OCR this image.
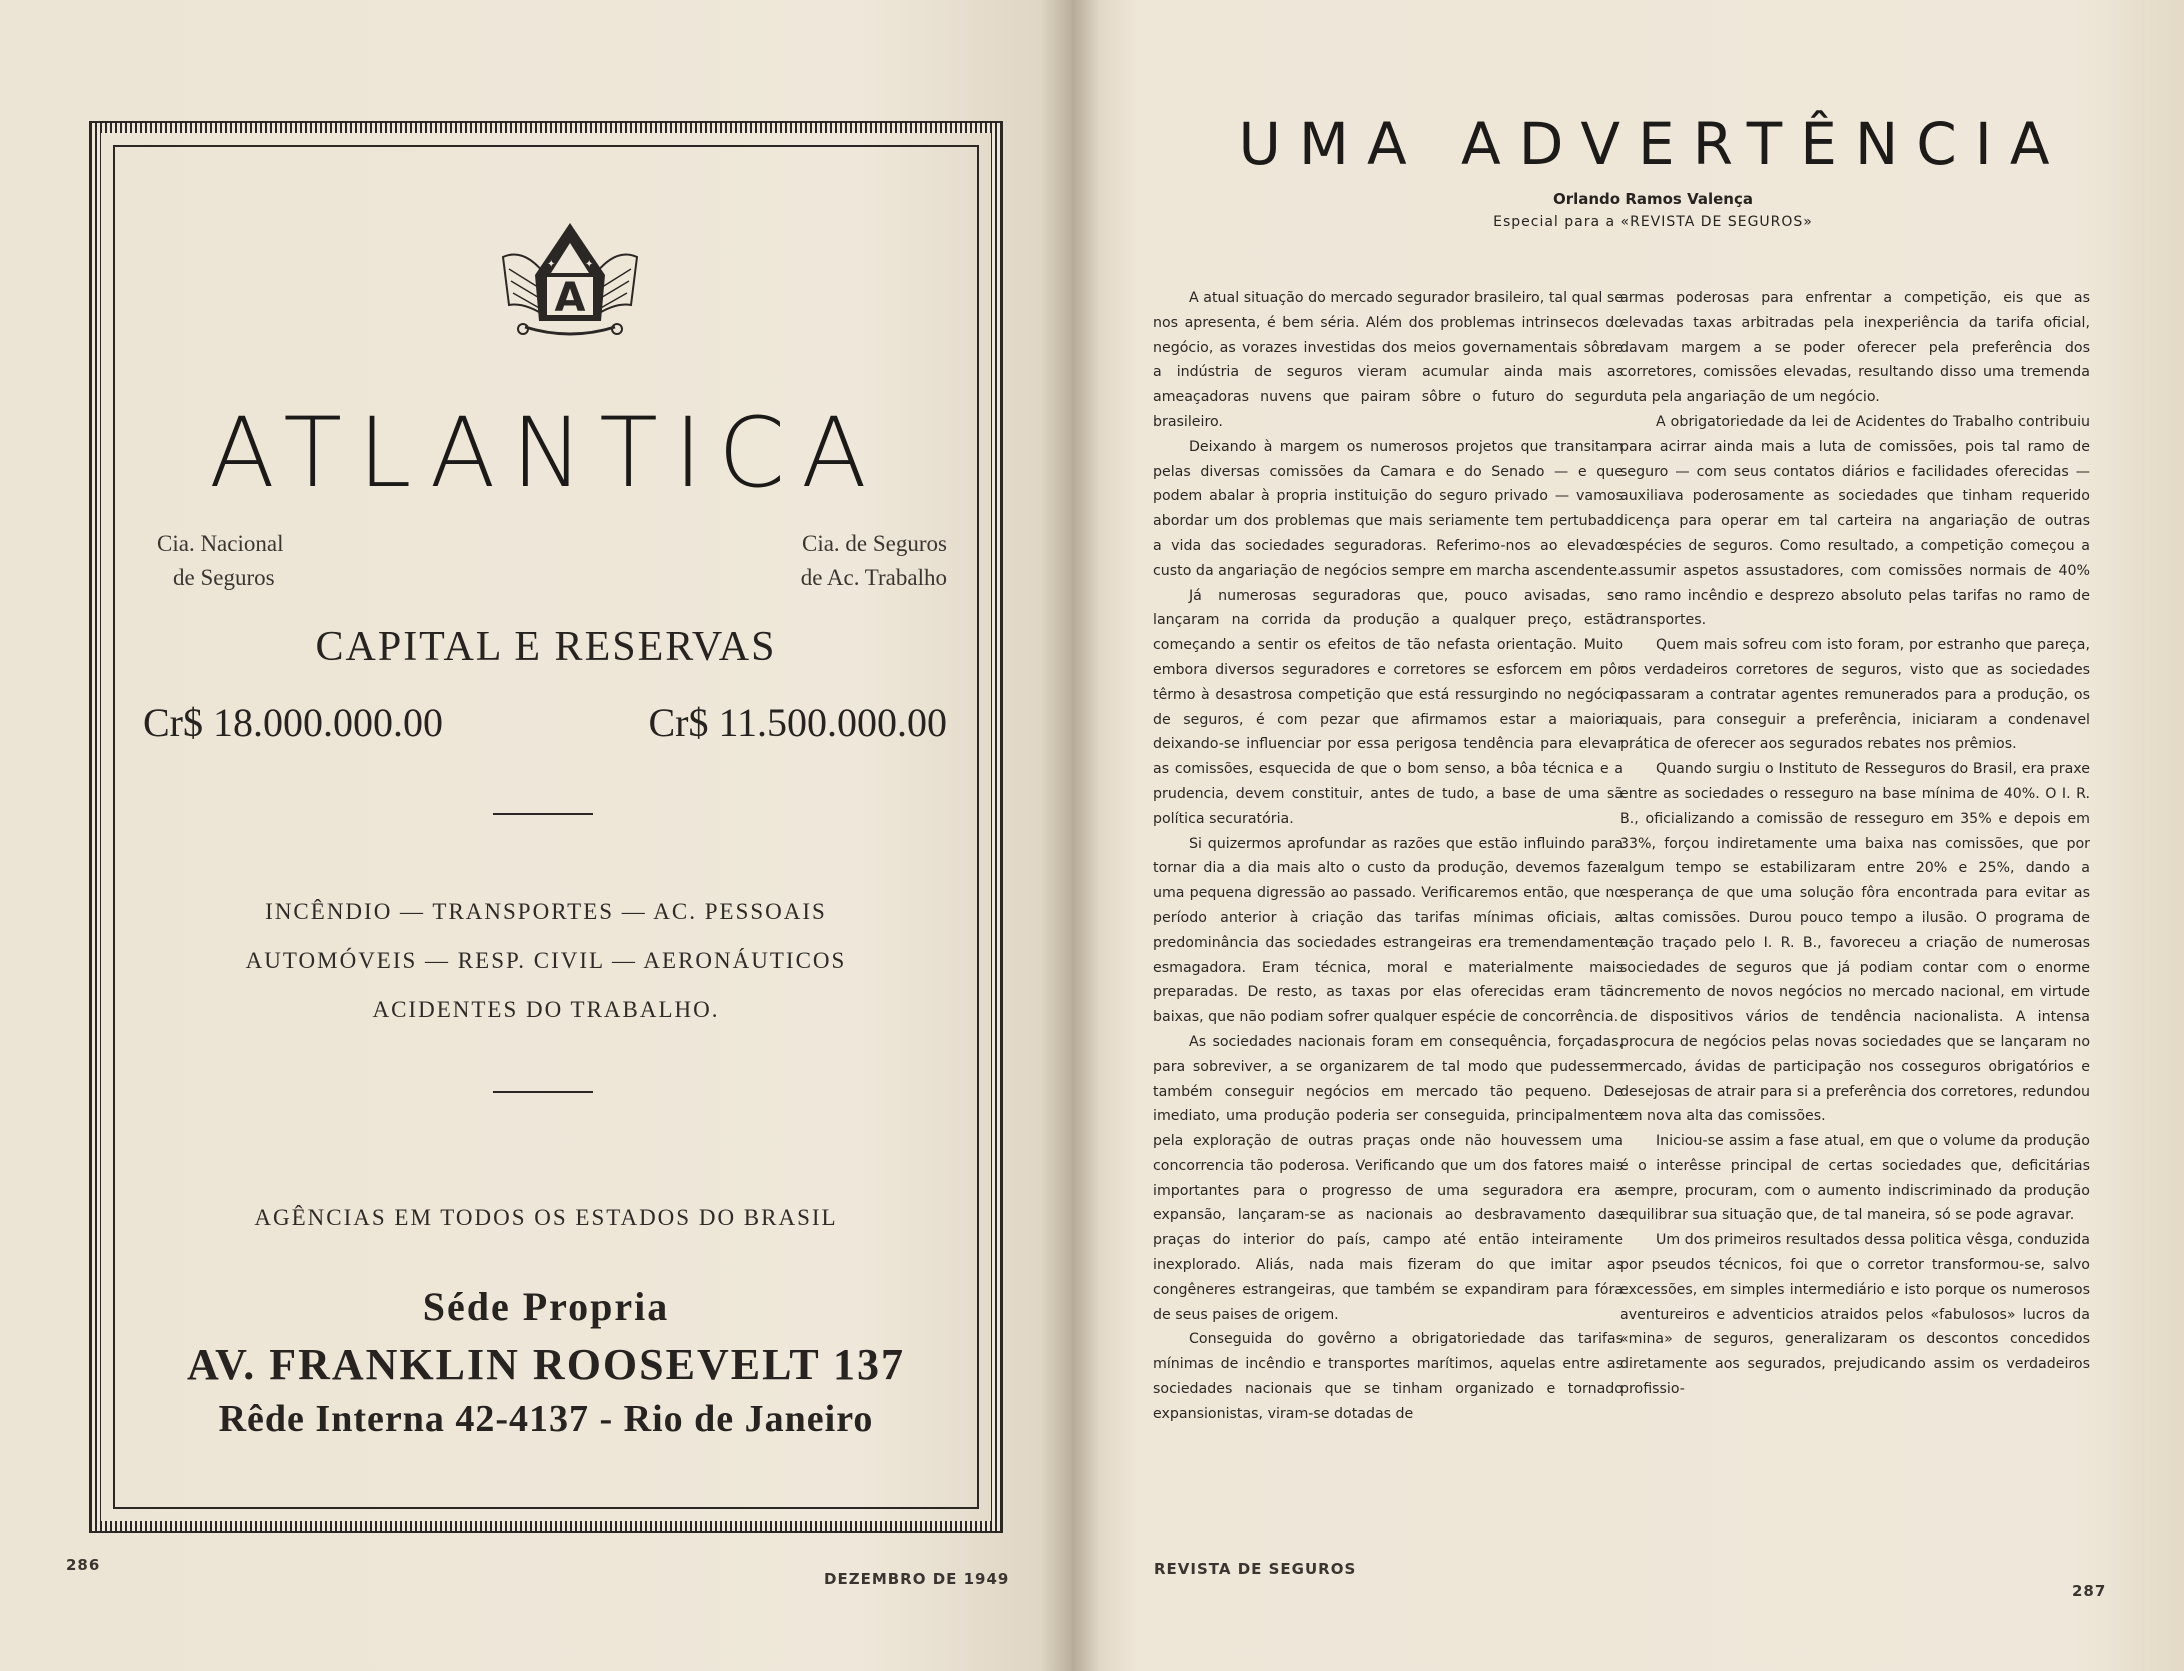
A
✦	✦
ATLANTICA
Cia. Nacional
de Seguros
Cia. de Seguros
de Ac. Trabalho
CAPITAL E RESERVAS
Cr$ 18.000.000.00	Cr$ 11.500.000.00
INCÊNDIO — TRANSPORTES — AC. PESSOAIS
AUTOMÓVEIS — RESP. CIVIL — AERONÁUTICOS
ACIDENTES DO TRABALHO.
AGÊNCIAS EM TODOS OS ESTADOS DO BRASIL
Séde Propria
AV. FRANKLIN ROOSEVELT 137
Rêde Interna 42-4137 - Rio de Janeiro
286
DEZEMBRO DE 1949
UMA ADVERTÊNCIA
Orlando Ramos Valença
Especial para a «REVISTA DE SEGUROS»

A atual situação do mercado segurador brasileiro, tal qual se nos apresenta, é bem séria. Além dos problemas intrinsecos do negócio, as vorazes investidas dos meios governamentais sôbre a indústria de seguros vieram acumular ainda mais as ameaçadoras nuvens que pairam sôbre o futuro do seguro brasileiro.

Deixando à margem os numerosos projetos que transitam pelas diversas comissões da Camara e do Senado — e que podem abalar à propria instituição do seguro privado — vamos abordar um dos problemas que mais seriamente tem pertubado a vida das sociedades seguradoras. Referimo-nos ao elevado custo da angariação de negócios sempre em marcha ascendente.

Já numerosas seguradoras que, pouco avisadas, se lançaram na corrida da produção a qualquer preço, estão começando a sentir os efeitos de tão nefasta orientação. Muito embora diversos seguradores e corretores se esforcem em pôr têrmo à desastrosa competição que está ressurgindo no negócio de seguros, é com pezar que afirmamos estar a maioria deixando-se influenciar por essa perigosa tendência para elevar as comissões, esquecida de que o bom senso, a bôa técnica e a prudencia, devem constituir, antes de tudo, a base de uma sã política securatória.

Si quizermos aprofundar as razões que estão influindo para tornar dia a dia mais alto o custo da produção, devemos fazer uma pequena digressão ao passado. Verificaremos então, que no período anterior à criação das tarifas mínimas oficiais, a predominância das sociedades estrangeiras era tremendamente esmagadora. Eram técnica, moral e materialmente mais preparadas. De resto, as taxas por elas oferecidas eram tão baixas, que não podiam sofrer qualquer espécie de concorrência.

As sociedades nacionais foram em consequência, forçadas, para sobreviver, a se organizarem de tal modo que pudessem também conseguir negócios em mercado tão pequeno. De imediato, uma produção poderia ser conseguida, principalmente pela exploração de outras praças onde não houvessem uma concorrencia tão poderosa. Verificando que um dos fatores mais importantes para o progresso de uma seguradora era a expansão, lançaram-se as nacionais ao desbravamento das praças do interior do país, campo até então inteiramente inexplorado. Aliás, nada mais fizeram do que imitar as congêneres estrangeiras, que também se expandiram para fóra de seus paises de origem.

Conseguida do govêrno a obrigatoriedade das tarifas mínimas de incêndio e transportes marítimos, aquelas entre as sociedades nacionais que se tinham organizado e tornado expansionistas, viram-se dotadas de

armas poderosas para enfrentar a competição, eis que as elevadas taxas arbitradas pela inexperiência da tarifa oficial, davam margem a se poder oferecer pela preferência dos corretores, comissões elevadas, resultando disso uma tremenda luta pela angariação de um negócio.

A obrigatoriedade da lei de Acidentes do Trabalho contribuiu para acirrar ainda mais a luta de comissões, pois tal ramo de seguro — com seus contatos diários e facilidades oferecidas — auxiliava poderosamente as sociedades que tinham requerido licença para operar em tal carteira na angariação de outras espécies de seguros. Como resultado, a competição começou a assumir aspetos assustadores, com comissões normais de 40% no ramo incêndio e desprezo absoluto pelas tarifas no ramo de transportes.

Quem mais sofreu com isto foram, por estranho que pareça, os verdadeiros corretores de seguros, visto que as sociedades passaram a contratar agentes remunerados para a produção, os quais, para conseguir a preferência, iniciaram a condenavel prática de oferecer aos segurados rebates nos prêmios.

Quando surgiu o Instituto de Resseguros do Brasil, era praxe entre as sociedades o resseguro na base mínima de 40%. O I. R. B., oficializando a comissão de resseguro em 35% e depois em 33%, forçou indiretamente uma baixa nas comissões, que por algum tempo se estabilizaram entre 20% e 25%, dando a esperança de que uma solução fôra encontrada para evitar as altas comissões. Durou pouco tempo a ilusão. O programa de ação traçado pelo I. R. B., favoreceu a criação de numerosas sociedades de seguros que já podiam contar com o enorme incremento de novos negócios no mercado nacional, em virtude de dispositivos vários de tendência nacionalista. A intensa procura de negócios pelas novas sociedades que se lançaram no mercado, ávidas de participação nos cosseguros obrigatórios e desejosas de atrair para si a preferência dos corretores, redundou em nova alta das comissões.

Iniciou-se assim a fase atual, em que o volume da produção é o interêsse principal de certas sociedades que, deficitárias sempre, procuram, com o aumento indiscriminado da produção equilibrar sua situação que, de tal maneira, só se pode agravar.

Um dos primeiros resultados dessa politica vêsga, conduzida por pseudos técnicos, foi que o corretor transformou-se, salvo excessões, em simples intermediário e isto porque os numerosos aventureiros e adventicios atraidos pelos «fabulosos» lucros da «mina» de seguros, generalizaram os descontos concedidos diretamente aos segurados, prejudicando assim os verdadeiros profissio-

REVISTA DE SEGUROS
287
